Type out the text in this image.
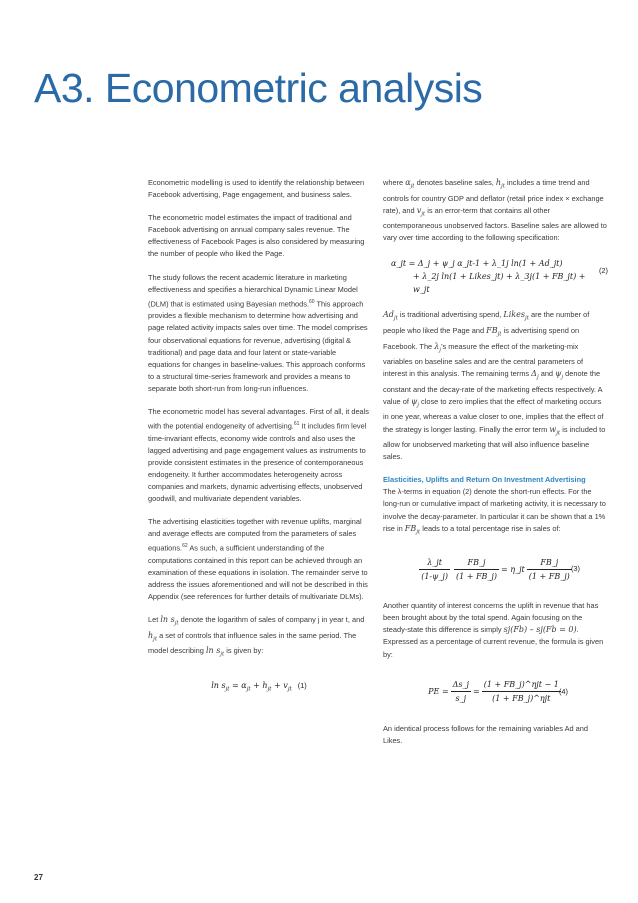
A3. Econometric analysis

Econometric modelling is used to identify the relationship between Facebook advertising, Page engagement, and business sales.

The econometric model estimates the impact of traditional and Facebook advertising on annual company sales revenue. The effectiveness of Facebook Pages is also considered by measuring the number of people who liked the Page.

The study follows the recent academic literature in marketing effectiveness and specifies a hierarchical Dynamic Linear Model (DLM) that is estimated using Bayesian methods.$^{60}$ This approach provides a flexible mechanism to determine how advertising and page related activity impacts sales over time. The model comprises four observational equations for revenue, advertising (digital & traditional) and page data and four latent or state-variable equations for changes in baseline-values. This approach conforms to a structural time-series framework and provides a means to separate both short-run from long-run influences.

The econometric model has several advantages. First of all, it deals with the potential endogeneity of advertising.$^{61}$ It includes firm level time-invariant effects, economy wide controls and also uses the lagged advertising and page engagement values as instruments to provide consistent estimates in the presence of contemporaneous endogeneity. It further accommodates heterogeneity across companies and markets, dynamic advertising effects, unobserved goodwill, and multivariate dependent variables.

The advertising elasticities together with revenue uplifts, marginal and average effects are computed from the parameters of sales equations.$^{62}$ As such, a sufficient understanding of the computations contained in this report can be achieved through an examination of these equations in isolation. The remainder serve to address the issues aforementioned and will not be described in this Appendix (see references for further details of multivariate DLMs).

Let $\ln s_{jt}$ denote the logarithm of sales of company j in year t, and $h_{jt}$ a set of controls that influence sales in the same period. The model describing $\ln s_{jt}$ is given by:

$\ln s_{jt} = \alpha_{jt} + h_{jt} + v_{jt}$ (1)

where $\alpha_{jt}$ denotes baseline sales, $h_{jt}$ includes a time trend and controls for country GDP and deflator (retail price index × exchange rate), and $v_{jt}$ is an error-term that contains all other contemporaneous unobserved factors. Baseline sales are allowed to vary over time according to the following specification:

α_jt = Δ_j + ψ_j α_jt-1 + λ_1j ln(1 + Ad_jt)
+ λ_2j ln(1 + Likes_jt) + λ_3j(1 + FB_jt) + w_jt
(2)

$Ad_{jt}$ is traditional advertising spend, Likes$_{jt}$ are the number of people who liked the Page and $FB_{jt}$ is advertising spend on Facebook. The $\lambda_j’s$ measure the effect of the marketing-mix variables on baseline sales and are the central parameters of interest in this analysis. The remaining terms $\Delta_j$ and $\psi_j$ denote the constant and the decay-rate of the marketing effects respectively. A value of $\psi_j$ close to zero implies that the effect of marketing occurs in one year, whereas a value closer to one, implies that the effect of the strategy is longer lasting. Finally the error term $w_{jt}$ is included to allow for unobserved marketing that will also influence baseline sales.

Elasticities, Uplifts and Return On Investment Advertising

The λ-terms in equation (2) denote the short-run effects. For the long-run or cumulative impact of marketing activity, it is necessary to involve the decay-parameter. In particular it can be shown that a 1% rise in $FB_{jt}$ leads to a total percentage rise in sales of:

$\frac{\lambda\_jt}{(1-\psi\_j)} \frac{FB\_j}{(1 + FB\_j)}$ = η_jt $\frac{FB\_j}{(1 + FB\_j)} (3)$

Another quantity of interest concerns the uplift in revenue that has been brought about by the total spend. Again focusing on the steady-state this difference is simply sj(Fb) – sj(Fb = 0). Expressed as a percentage of current revenue, the formula is given by:

PE = $\frac{\Delta s\_j}{s\_j} = \frac{\text{(1 + FB\_j)\textasciicircum{}ηjt − 1}}{\text{(1 + FB\_j)\textasciicircum{}ηjt}}$
(4)

An identical process follows for the remaining variables Ad and Likes.

27
